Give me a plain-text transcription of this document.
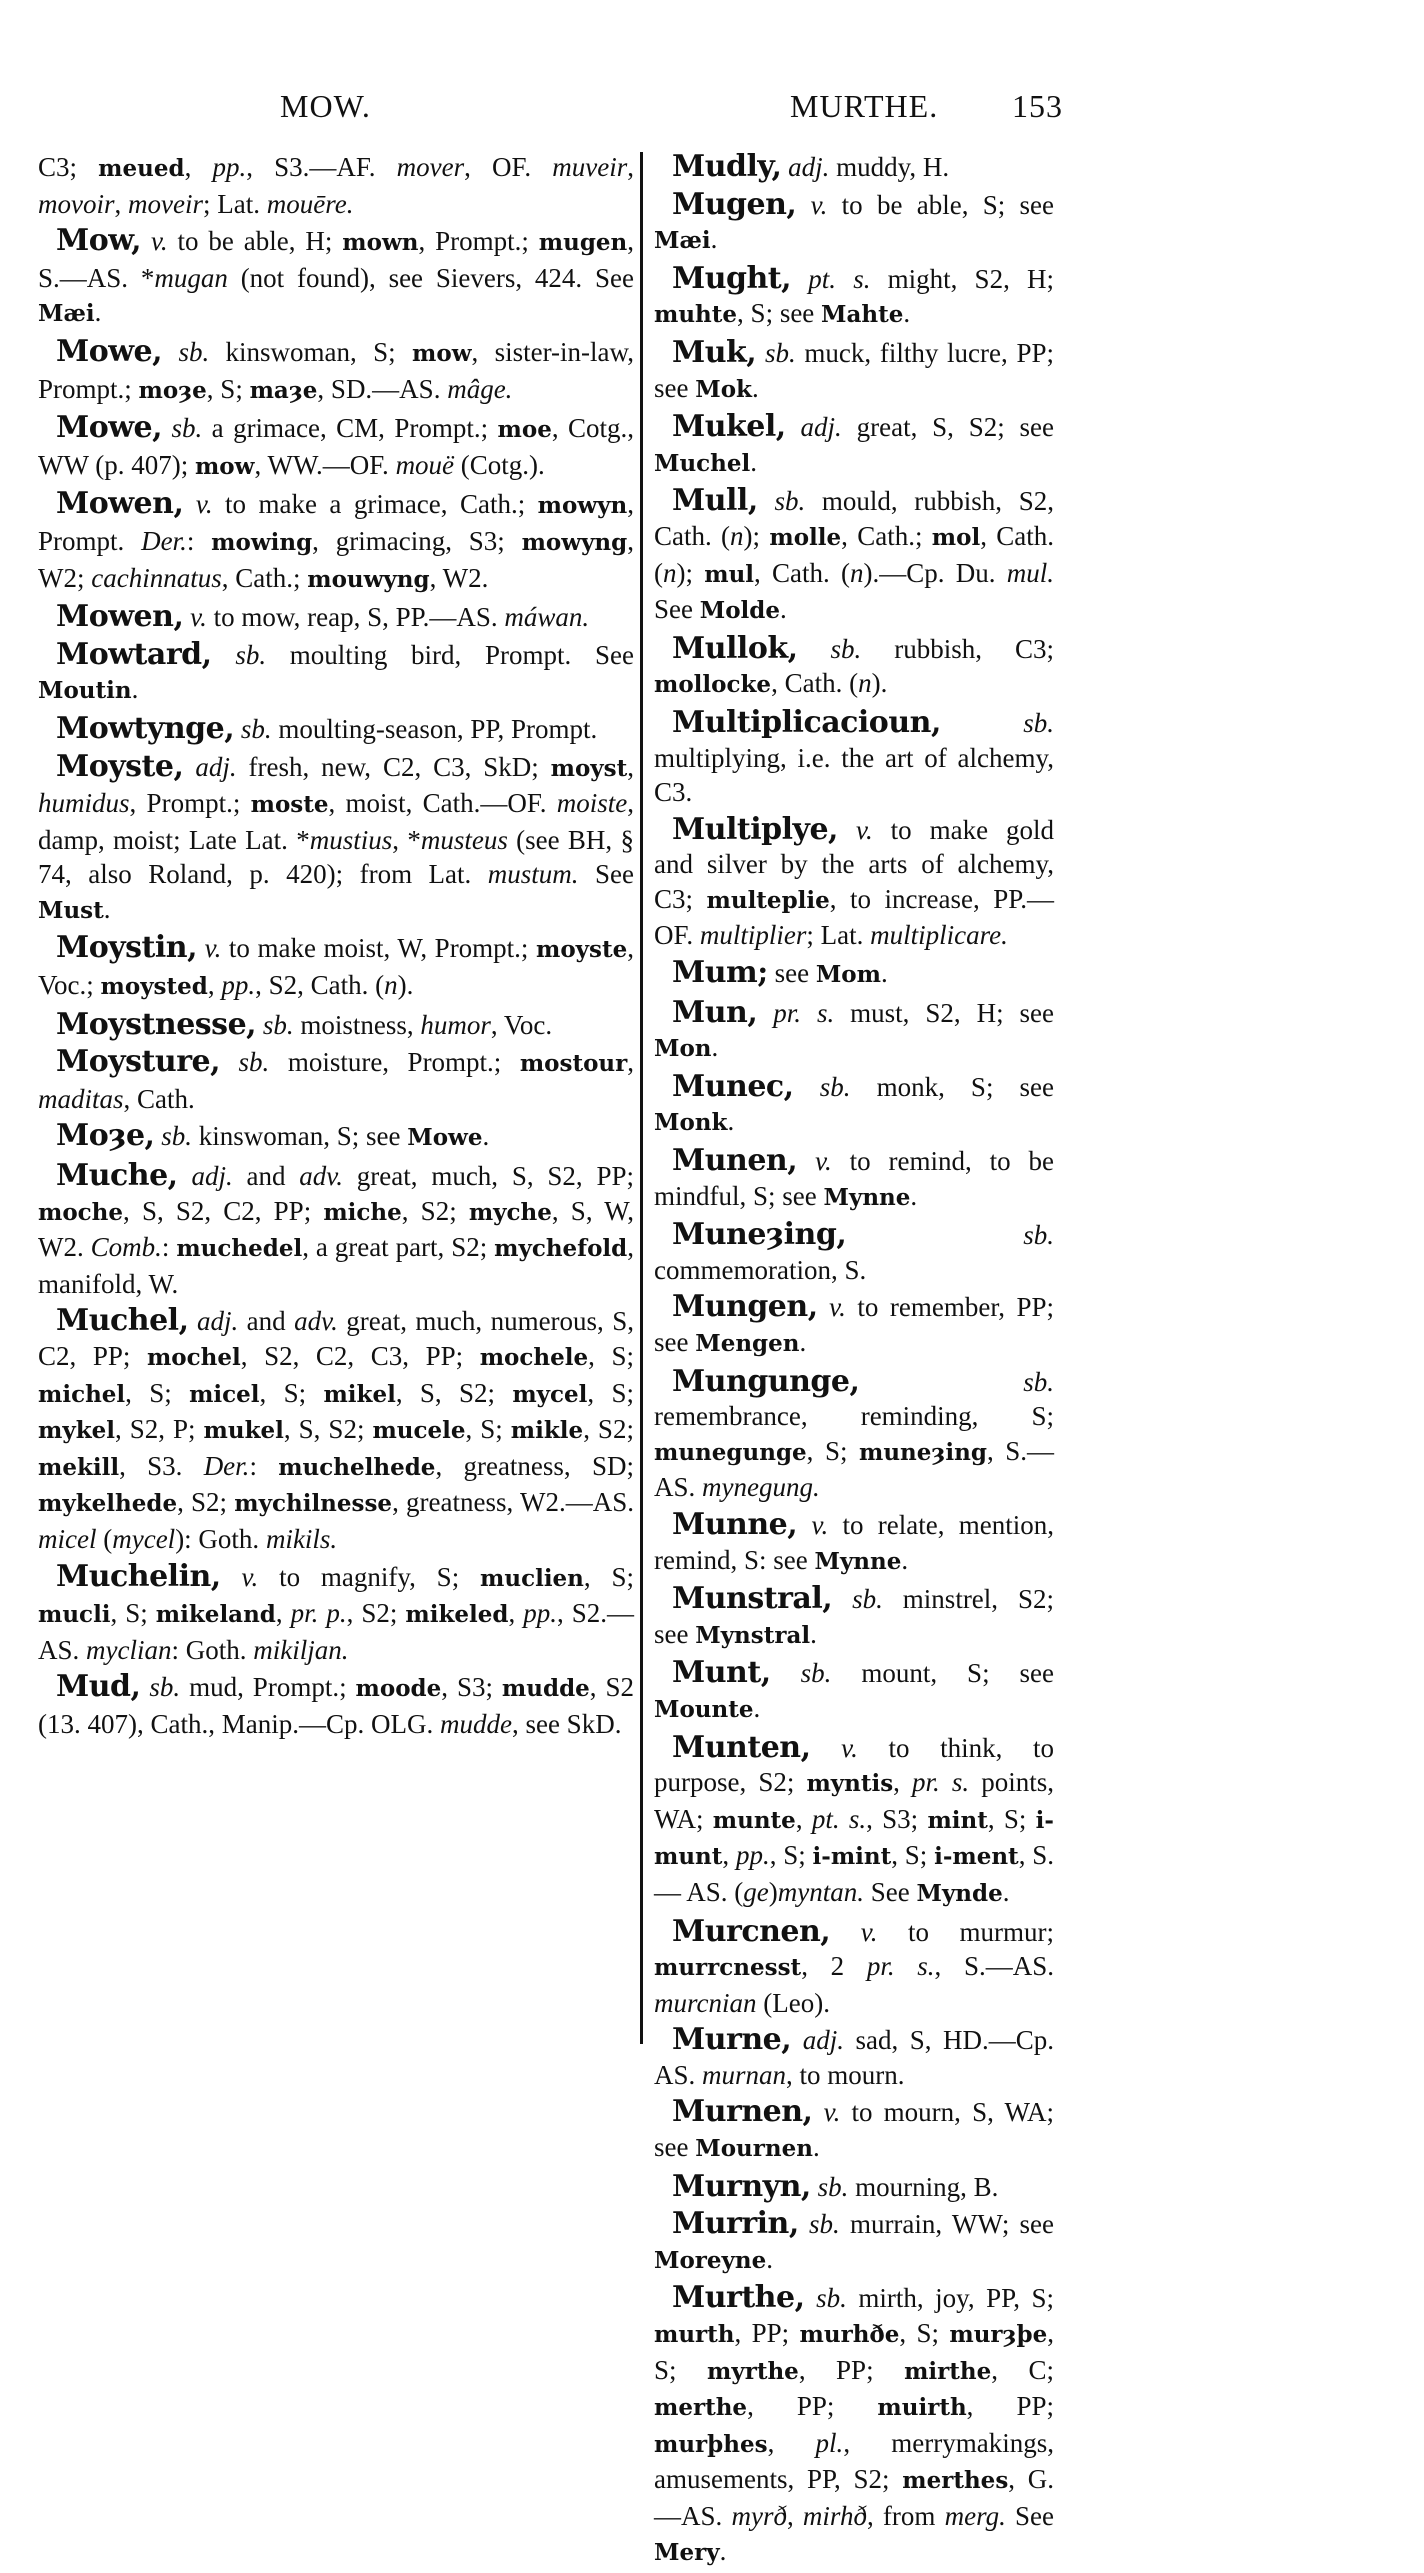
MOW.	MURTHE. 153

C3; meued, pp., S3.—AF. mover, OF. muveir, movoir, moveir; Lat. mouēre.

Mow, v. to be able, H; mown, Prompt.; mugen, S.—AS. *mugan (not found), see Sievers, 424. See Mæi.

Mowe, sb. kinswoman, S; mow, sister-in-law, Prompt.; moȝe, S; maȝe, SD.—AS. mâge.

Mowe, sb. a grimace, CM, Prompt.; moe, Cotg., WW (p. 407); mow, WW.—OF. mouë (Cotg.).

Mowen, v. to make a grimace, Cath.; mowyn, Prompt. Der.: mowing, grimacing, S3; mowyng, W2; cachinnatus, Cath.; mouwyng, W2.

Mowen, v. to mow, reap, S, PP.—AS. máwan.

Mowtard, sb. moulting bird, Prompt. See Moutin.

Mowtynge, sb. moulting-season, PP, Prompt.

Moyste, adj. fresh, new, C2, C3, SkD; moyst, humidus, Prompt.; moste, moist, Cath.—OF. moiste, damp, moist; Late Lat. *mustius, *musteus (see BH, § 74, also Roland, p. 420); from Lat. mustum. See Must.

Moystin, v. to make moist, W, Prompt.; moyste, Voc.; moysted, pp., S2, Cath. (n).

Moystnesse, sb. moistness, humor, Voc.

Moysture, sb. moisture, Prompt.; mostour, maditas, Cath.

Moȝe, sb. kinswoman, S; see Mowe.

Muche, adj. and adv. great, much, S, S2, PP; moche, S, S2, C2, PP; miche, S2; myche, S, W, W2. Comb.: muchedel, a great part, S2; mychefold, manifold, W.

Muchel, adj. and adv. great, much, numerous, S, C2, PP; mochel, S2, C2, C3, PP; mochele, S; michel, S; micel, S; mikel, S, S2; mycel, S; mykel, S2, P; mukel, S, S2; mucele, S; mikle, S2; mekill, S3. Der.: muchelhede, greatness, SD; mykelhede, S2; mychilnesse, greatness, W2.—AS. micel (mycel): Goth. mikils.

Muchelin, v. to magnify, S; muclien, S; mucli, S; mikeland, pr. p., S2; mikeled, pp., S2.—AS. myclian: Goth. mikiljan.

Mud, sb. mud, Prompt.; moode, S3; mudde, S2 (13. 407), Cath., Manip.—Cp. OLG. mudde, see SkD.

Mudly, adj. muddy, H.

Mugen, v. to be able, S; see Mæi.

Mught, pt. s. might, S2, H; muhte, S; see Mahte.

Muk, sb. muck, filthy lucre, PP; see Mok.

Mukel, adj. great, S, S2; see Muchel.

Mull, sb. mould, rubbish, S2, Cath. (n); molle, Cath.; mol, Cath. (n); mul, Cath. (n).—Cp. Du. mul. See Molde.

Mullok, sb. rubbish, C3; mollocke, Cath. (n).

Multiplicacioun,	sb. multiplying, i.e. the art of alchemy, C3.

Multiplye, v. to make gold and silver by the arts of alchemy, C3; multeplie, to increase, PP.—OF. multiplier; Lat. multiplicare.

Mum; see Mom.

Mun, pr. s. must, S2, H; see Mon.

Munec, sb. monk, S; see Monk.

Munen, v. to remind, to be mindful, S; see Mynne.

Muneȝing,	sb. commemoration, S.

Mungen, v. to remember, PP; see Mengen.

Mungunge,	sb. remembrance, reminding, S; munegunge, S; muneȝing, S.—AS. mynegung.

Munne, v. to relate, mention, remind, S: see Mynne.

Munstral, sb. minstrel, S2; see Mynstral.

Munt, sb. mount, S; see Mounte.

Munten, v. to think, to purpose, S2; myntis, pr. s. points, WA; munte, pt. s., S3; mint, S; i-munt, pp., S; i-mint, S; i-ment, S. — AS. (ge)myntan. See Mynde.

Murcnen, v. to murmur; murrcnesst, 2 pr. s., S.—AS. murcnian (Leo).

Murne, adj. sad, S, HD.—Cp. AS. murnan, to mourn.

Murnen, v. to mourn, S, WA; see Mournen.

Murnyn, sb. mourning, B.

Murrin, sb. murrain, WW; see Moreyne.

Murthe, sb. mirth, joy, PP, S; murth, PP; murhðe, S; murȝþe, S; myrthe, PP; mirthe, C; merthe, PP; muirth, PP; murþhes, pl., merrymakings, amusements, PP, S2; merthes, G.—AS. myrð, mirhð, from merg. See Mery.
